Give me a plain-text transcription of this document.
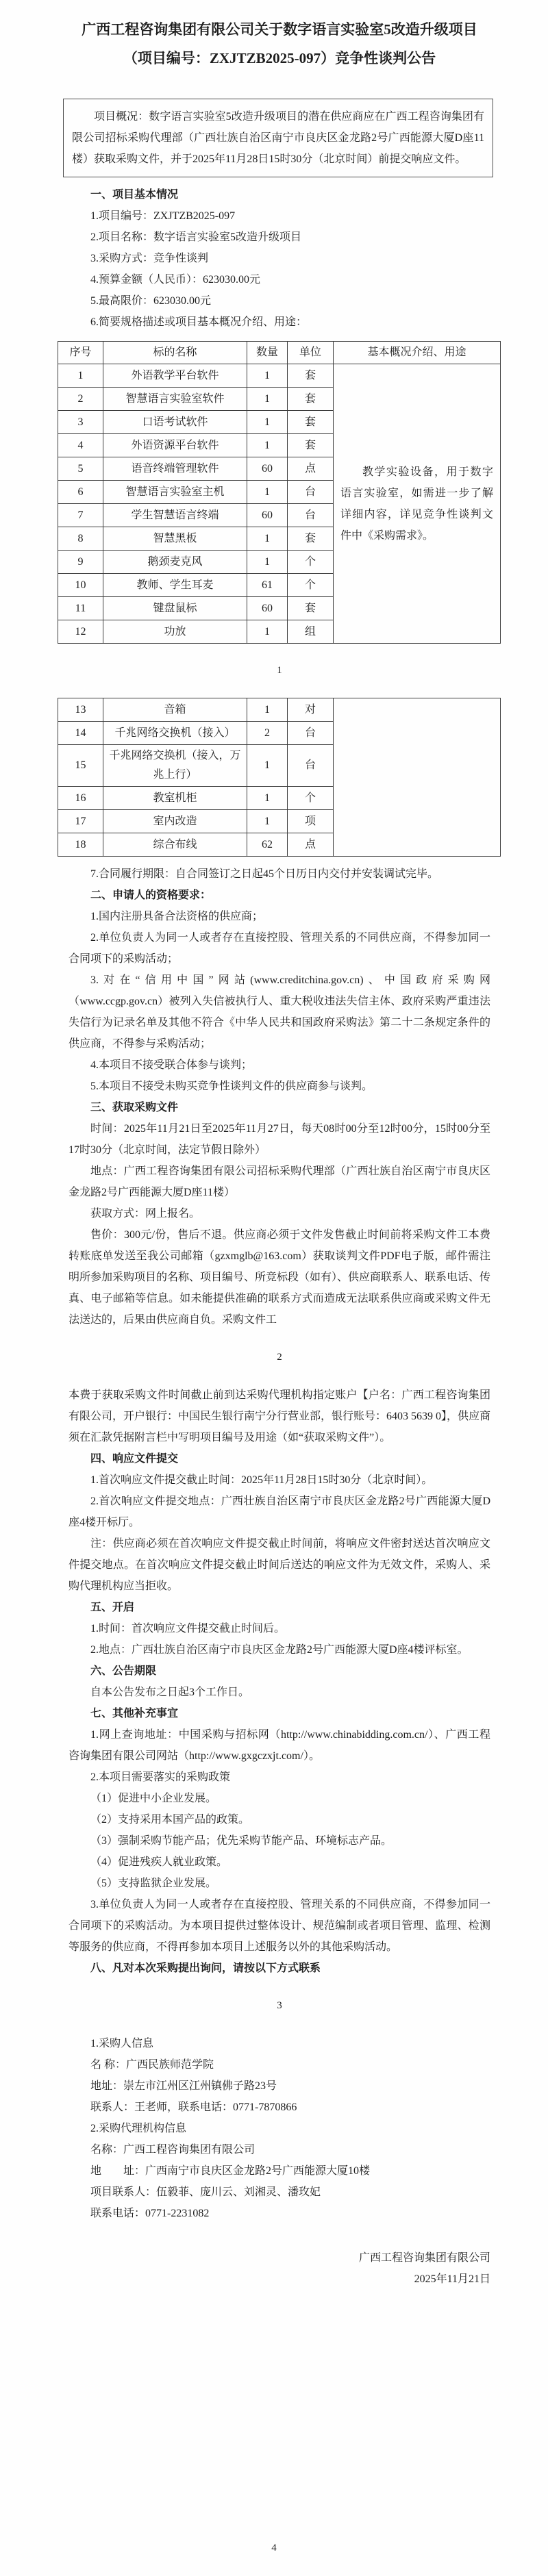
广西工程咨询集团有限公司关于数字语言实验室5改造升级项目
（项目编号：ZXJTZB2025-097）竞争性谈判公告

项目概况：数字语言实验室5改造升级项目的潜在供应商应在广西工程咨询集团有限公司招标采购代理部（广西壮族自治区南宁市良庆区金龙路2号广西能源大厦D座11楼）获取采购文件，并于2025年11月28日15时30分（北京时间）前提交响应文件。

一、项目基本情况

1.项目编号：ZXJTZB2025-097

2.项目名称：数字语言实验室5改造升级项目

3.采购方式：竞争性谈判

4.预算金额（人民币）：623030.00元

5.最高限价：623030.00元

6.简要规格描述或项目基本概况介绍、用途：

序号	标的名称	数量	单位	基本概况介绍、用途
1	外语教学平台软件	1	套	教学实验设备，用于数字语言实验室，如需进一步了解详细内容，详见竞争性谈判文件中《采购需求》。

2	智慧语言实验室软件	1	套	
3	口语考试软件	1	套	
4	外语资源平台软件	1	套	
5	语音终端管理软件	60	点	
6	智慧语言实验室主机	1	台	
7	学生智慧语言终端	60	台	
8	智慧黑板	1	套	
9	鹅颈麦克风	1	个	
10	教师、学生耳麦	61	个	
11	键盘鼠标	60	套	
12	功放	1	组	
1
13	音箱	1	对	
14	千兆网络交换机（接入）	2	台	
15	千兆网络交换机（接入，万兆上行）	1	台	
16	教室机柜	1	个	
17	室内改造	1	项	
18	综合布线	62	点	

7.合同履行期限：自合同签订之日起45个日历日内交付并安装调试完毕。

二、申请人的资格要求：

1.国内注册具备合法资格的供应商；

2.单位负责人为同一人或者存在直接控股、管理关系的不同供应商，不得参加同一合同项下的采购活动；

3.对在“信用中国”网站(www.creditchina.gov.cn)、中国政府采购网（www.ccgp.gov.cn）被列入失信被执行人、重大税收违法失信主体、政府采购严重违法失信行为记录名单及其他不符合《中华人民共和国政府采购法》第二十二条规定条件的供应商，不得参与采购活动；

4.本项目不接受联合体参与谈判；

5.本项目不接受未购买竞争性谈判文件的供应商参与谈判。

三、获取采购文件

时间：2025年11月21日至2025年11月27日，每天08时00分至12时00分，15时00分至17时30分（北京时间，法定节假日除外）

地点：广西工程咨询集团有限公司招标采购代理部（广西壮族自治区南宁市良庆区金龙路2号广西能源大厦D座11楼）

获取方式：网上报名。

售价：300元/份，售后不退。供应商必须于文件发售截止时间前将采购文件工本费转账底单发送至我公司邮箱（gzxmglb@163.com）获取谈判文件PDF电子版，邮件需注明所参加采购项目的名称、项目编号、所竞标段（如有）、供应商联系人、联系电话、传真、电子邮箱等信息。如未能提供准确的联系方式而造成无法联系供应商或采购文件无法送达的，后果由供应商自负。采购文件工

2

本费于获取采购文件时间截止前到达采购代理机构指定账户【户名：广西工程咨询集团有限公司，开户银行：中国民生银行南宁分行营业部，银行账号：6403 5639 0】，供应商须在汇款凭据附言栏中写明项目编号及用途（如“获取采购文件”）。

四、响应文件提交

1.首次响应文件提交截止时间：2025年11月28日15时30分（北京时间）。

2.首次响应文件提交地点：广西壮族自治区南宁市良庆区金龙路2号广西能源大厦D座4楼开标厅。

注：供应商必须在首次响应文件提交截止时间前，将响应文件密封送达首次响应文件提交地点。在首次响应文件提交截止时间后送达的响应文件为无效文件，采购人、采购代理机构应当拒收。

五、开启

1.时间：首次响应文件提交截止时间后。

2.地点：广西壮族自治区南宁市良庆区金龙路2号广西能源大厦D座4楼评标室。

六、公告期限

自本公告发布之日起3个工作日。

七、其他补充事宜

1.网上查询地址：中国采购与招标网（http://www.chinabidding.com.cn/）、广西工程咨询集团有限公司网站（http://www.gxgczxjt.com/）。

2.本项目需要落实的采购政策

（1）促进中小企业发展。

（2）支持采用本国产品的政策。

（3）强制采购节能产品；优先采购节能产品、环境标志产品。

（4）促进残疾人就业政策。

（5）支持监狱企业发展。

3.单位负责人为同一人或者存在直接控股、管理关系的不同供应商，不得参加同一合同项下的采购活动。为本项目提供过整体设计、规范编制或者项目管理、监理、检测等服务的供应商，不得再参加本项目上述服务以外的其他采购活动。

八、凡对本次采购提出询问，请按以下方式联系

3

1.采购人信息

名 称：广西民族师范学院

地址：崇左市江州区江州镇佛子路23号

联系人：王老师，联系电话：0771-7870866

2.采购代理机构信息

名称：广西工程咨询集团有限公司

地　　址：广西南宁市良庆区金龙路2号广西能源大厦10楼

项目联系人：伍毅菲、庞川云、刘湘灵、潘玫妃

联系电话：0771-2231082

广西工程咨询集团有限公司

2025年11月21日

4
